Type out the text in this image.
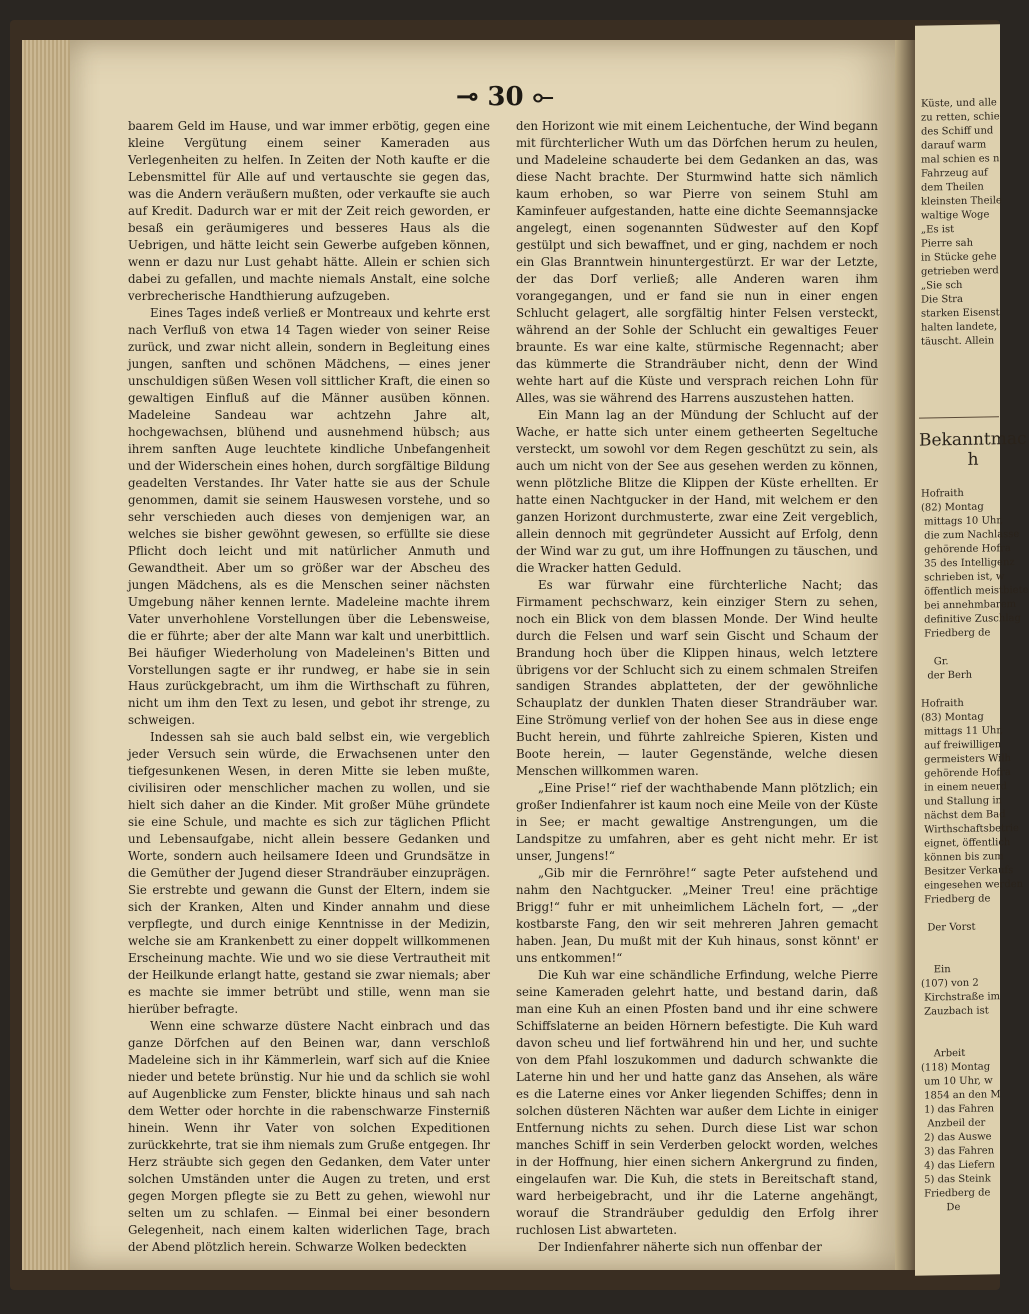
Küste, und alle
zu retten, schie
des Schiff und
darauf warm
mal schien es n
Fahrzeug auf
dem Theilen
kleinsten Theile
waltige Woge
„Es ist
Pierre sah
in Stücke gehe
getrieben werd
„Sie sch
Die Stra
starken Eisenst
halten landete,
täuscht. Allein
Bekanntmac
h
Hofraith
(82) Montag
mittags 10 Uhr,
die zum Nachlasse
gehörende Hofra
35 des Intelligenz
schrieben ist, w
öffentlich meistbiete
bei annehmbarem
definitive Zuschlag
Friedberg de

Gr.
der Berh

Hofraith
(83) Montag
mittags 11 Uhr,
auf freiwilligen
germeisters Wilh
gehörende Hofra
in einem neuerd
und Stallung in
nächst dem Bad
Wirthschaftsbetrie
eignet, öffentlich
können bis zum
Besitzer Verkaufs
eingesehen werden
Friedberg de

Der Vorst

Ein
(107) von 2
Kirchstraße im
Zauzbach ist

Arbeit
(118) Montag
um 10 Uhr, w
1854 an den M
1) das Fahren
Anzbeil der
2) das Auswe
3) das Fahren
4) das Liefern
5) das Steink
Friedberg de
De
⊸ 30 ⟜

baarem Geld im Hause, und war immer erbötig, gegen eine kleine Vergütung einem seiner Kameraden aus Verlegenheiten zu helfen. In Zeiten der Noth kaufte er die Lebensmittel für Alle auf und vertauschte sie gegen das, was die Andern veräußern mußten, oder verkaufte sie auch auf Kredit. Dadurch war er mit der Zeit reich geworden, er besaß ein geräumigeres und besseres Haus als die Uebrigen, und hätte leicht sein Gewerbe aufgeben können, wenn er dazu nur Lust gehabt hätte. Allein er schien sich dabei zu gefallen, und machte niemals Anstalt, eine solche verbrecherische Handthierung aufzugeben.

Eines Tages indeß verließ er Montreaux und kehrte erst nach Verfluß von etwa 14 Tagen wieder von seiner Reise zurück, und zwar nicht allein, sondern in Begleitung eines jungen, sanften und schönen Mädchens, — eines jener unschuldigen süßen Wesen voll sittlicher Kraft, die einen so gewaltigen Einfluß auf die Männer ausüben können. Madeleine Sandeau war achtzehn Jahre alt, hochgewachsen, blühend und ausnehmend hübsch; aus ihrem sanften Auge leuchtete kindliche Unbefangenheit und der Widerschein eines hohen, durch sorgfältige Bildung geadelten Verstandes. Ihr Vater hatte sie aus der Schule genommen, damit sie seinem Hauswesen vorstehe, und so sehr verschieden auch dieses von demjenigen war, an welches sie bisher gewöhnt gewesen, so erfüllte sie diese Pflicht doch leicht und mit natürlicher Anmuth und Gewandtheit. Aber um so größer war der Abscheu des jungen Mädchens, als es die Menschen seiner nächsten Umgebung näher kennen lernte. Madeleine machte ihrem Vater unverhohlene Vorstellungen über die Lebensweise, die er führte; aber der alte Mann war kalt und unerbittlich. Bei häufiger Wiederholung von Madeleinen's Bitten und Vorstellungen sagte er ihr rundweg, er habe sie in sein Haus zurückgebracht, um ihm die Wirthschaft zu führen, nicht um ihm den Text zu lesen, und gebot ihr strenge, zu schweigen.

Indessen sah sie auch bald selbst ein, wie vergeblich jeder Versuch sein würde, die Erwachsenen unter den tiefgesunkenen Wesen, in deren Mitte sie leben mußte, civilisiren oder menschlicher machen zu wollen, und sie hielt sich daher an die Kinder. Mit großer Mühe gründete sie eine Schule, und machte es sich zur täglichen Pflicht und Lebensaufgabe, nicht allein bessere Gedanken und Worte, sondern auch heilsamere Ideen und Grundsätze in die Gemüther der Jugend dieser Strandräuber einzuprägen. Sie erstrebte und gewann die Gunst der Eltern, indem sie sich der Kranken, Alten und Kinder annahm und diese verpflegte, und durch einige Kenntnisse in der Medizin, welche sie am Krankenbett zu einer doppelt willkommenen Erscheinung machte. Wie und wo sie diese Vertrautheit mit der Heilkunde erlangt hatte, gestand sie zwar niemals; aber es machte sie immer betrübt und stille, wenn man sie hierüber befragte.

Wenn eine schwarze düstere Nacht einbrach und das ganze Dörfchen auf den Beinen war, dann verschloß Madeleine sich in ihr Kämmerlein, warf sich auf die Kniee nieder und betete brünstig. Nur hie und da schlich sie wohl auf Augenblicke zum Fenster, blickte hinaus und sah nach dem Wetter oder horchte in die rabenschwarze Finsterniß hinein. Wenn ihr Vater von solchen Expeditionen zurückkehrte, trat sie ihm niemals zum Gruße entgegen. Ihr Herz sträubte sich gegen den Gedanken, dem Vater unter solchen Umständen unter die Augen zu treten, und erst gegen Morgen pflegte sie zu Bett zu gehen, wiewohl nur selten um zu schlafen. — Einmal bei einer besondern Gelegenheit, nach einem kalten widerlichen Tage, brach der Abend plötzlich herein. Schwarze Wolken bedeckten

den Horizont wie mit einem Leichentuche, der Wind begann mit fürchterlicher Wuth um das Dörfchen herum zu heulen, und Madeleine schauderte bei dem Gedanken an das, was diese Nacht brachte. Der Sturmwind hatte sich nämlich kaum erhoben, so war Pierre von seinem Stuhl am Kaminfeuer aufgestanden, hatte eine dichte Seemannsjacke angelegt, einen sogenannten Südwester auf den Kopf gestülpt und sich bewaffnet, und er ging, nachdem er noch ein Glas Branntwein hinuntergestürzt. Er war der Letzte, der das Dorf verließ; alle Anderen waren ihm vorangegangen, und er fand sie nun in einer engen Schlucht gelagert, alle sorgfältig hinter Felsen versteckt, während an der Sohle der Schlucht ein gewaltiges Feuer braunte. Es war eine kalte, stürmische Regennacht; aber das kümmerte die Strandräuber nicht, denn der Wind wehte hart auf die Küste und versprach reichen Lohn für Alles, was sie während des Harrens auszustehen hatten.

Ein Mann lag an der Mündung der Schlucht auf der Wache, er hatte sich unter einem getheerten Segeltuche versteckt, um sowohl vor dem Regen geschützt zu sein, als auch um nicht von der See aus gesehen werden zu können, wenn plötzliche Blitze die Klippen der Küste erhellten. Er hatte einen Nachtgucker in der Hand, mit welchem er den ganzen Horizont durchmusterte, zwar eine Zeit vergeblich, allein dennoch mit gegründeter Aussicht auf Erfolg, denn der Wind war zu gut, um ihre Hoffnungen zu täuschen, und die Wracker hatten Geduld.

Es war fürwahr eine fürchterliche Nacht; das Firmament pechschwarz, kein einziger Stern zu sehen, noch ein Blick von dem blassen Monde. Der Wind heulte durch die Felsen und warf sein Gischt und Schaum der Brandung hoch über die Klippen hinaus, welch letztere übrigens vor der Schlucht sich zu einem schmalen Streifen sandigen Strandes abplatteten, der der gewöhnliche Schauplatz der dunklen Thaten dieser Strandräuber war. Eine Strömung verlief von der hohen See aus in diese enge Bucht herein, und führte zahlreiche Spieren, Kisten und Boote herein, — lauter Gegenstände, welche diesen Menschen willkommen waren.

„Eine Prise!“ rief der wachthabende Mann plötzlich; ein großer Indienfahrer ist kaum noch eine Meile von der Küste in See; er macht gewaltige Anstrengungen, um die Landspitze zu umfahren, aber es geht nicht mehr. Er ist unser, Jungens!“

„Gib mir die Fernröhre!“ sagte Peter aufstehend und nahm den Nachtgucker. „Meiner Treu! eine prächtige Brigg!“ fuhr er mit unheimlichem Lächeln fort, — „der kostbarste Fang, den wir seit mehreren Jahren gemacht haben. Jean, Du mußt mit der Kuh hinaus, sonst könnt' er uns entkommen!“

Die Kuh war eine schändliche Erfindung, welche Pierre seine Kameraden gelehrt hatte, und bestand darin, daß man eine Kuh an einen Pfosten band und ihr eine schwere Schiffslaterne an beiden Hörnern befestigte. Die Kuh ward davon scheu und lief fortwährend hin und her, und suchte von dem Pfahl loszukommen und dadurch schwankte die Laterne hin und her und hatte ganz das Ansehen, als wäre es die Laterne eines vor Anker liegenden Schiffes; denn in solchen düsteren Nächten war außer dem Lichte in einiger Entfernung nichts zu sehen. Durch diese List war schon manches Schiff in sein Verderben gelockt worden, welches in der Hoffnung, hier einen sichern Ankergrund zu finden, eingelaufen war. Die Kuh, die stets in Bereitschaft stand, ward herbeigebracht, und ihr die Laterne angehängt, worauf die Strandräuber geduldig den Erfolg ihrer ruchlosen List abwarteten.

Der Indienfahrer näherte sich nun offenbar der
